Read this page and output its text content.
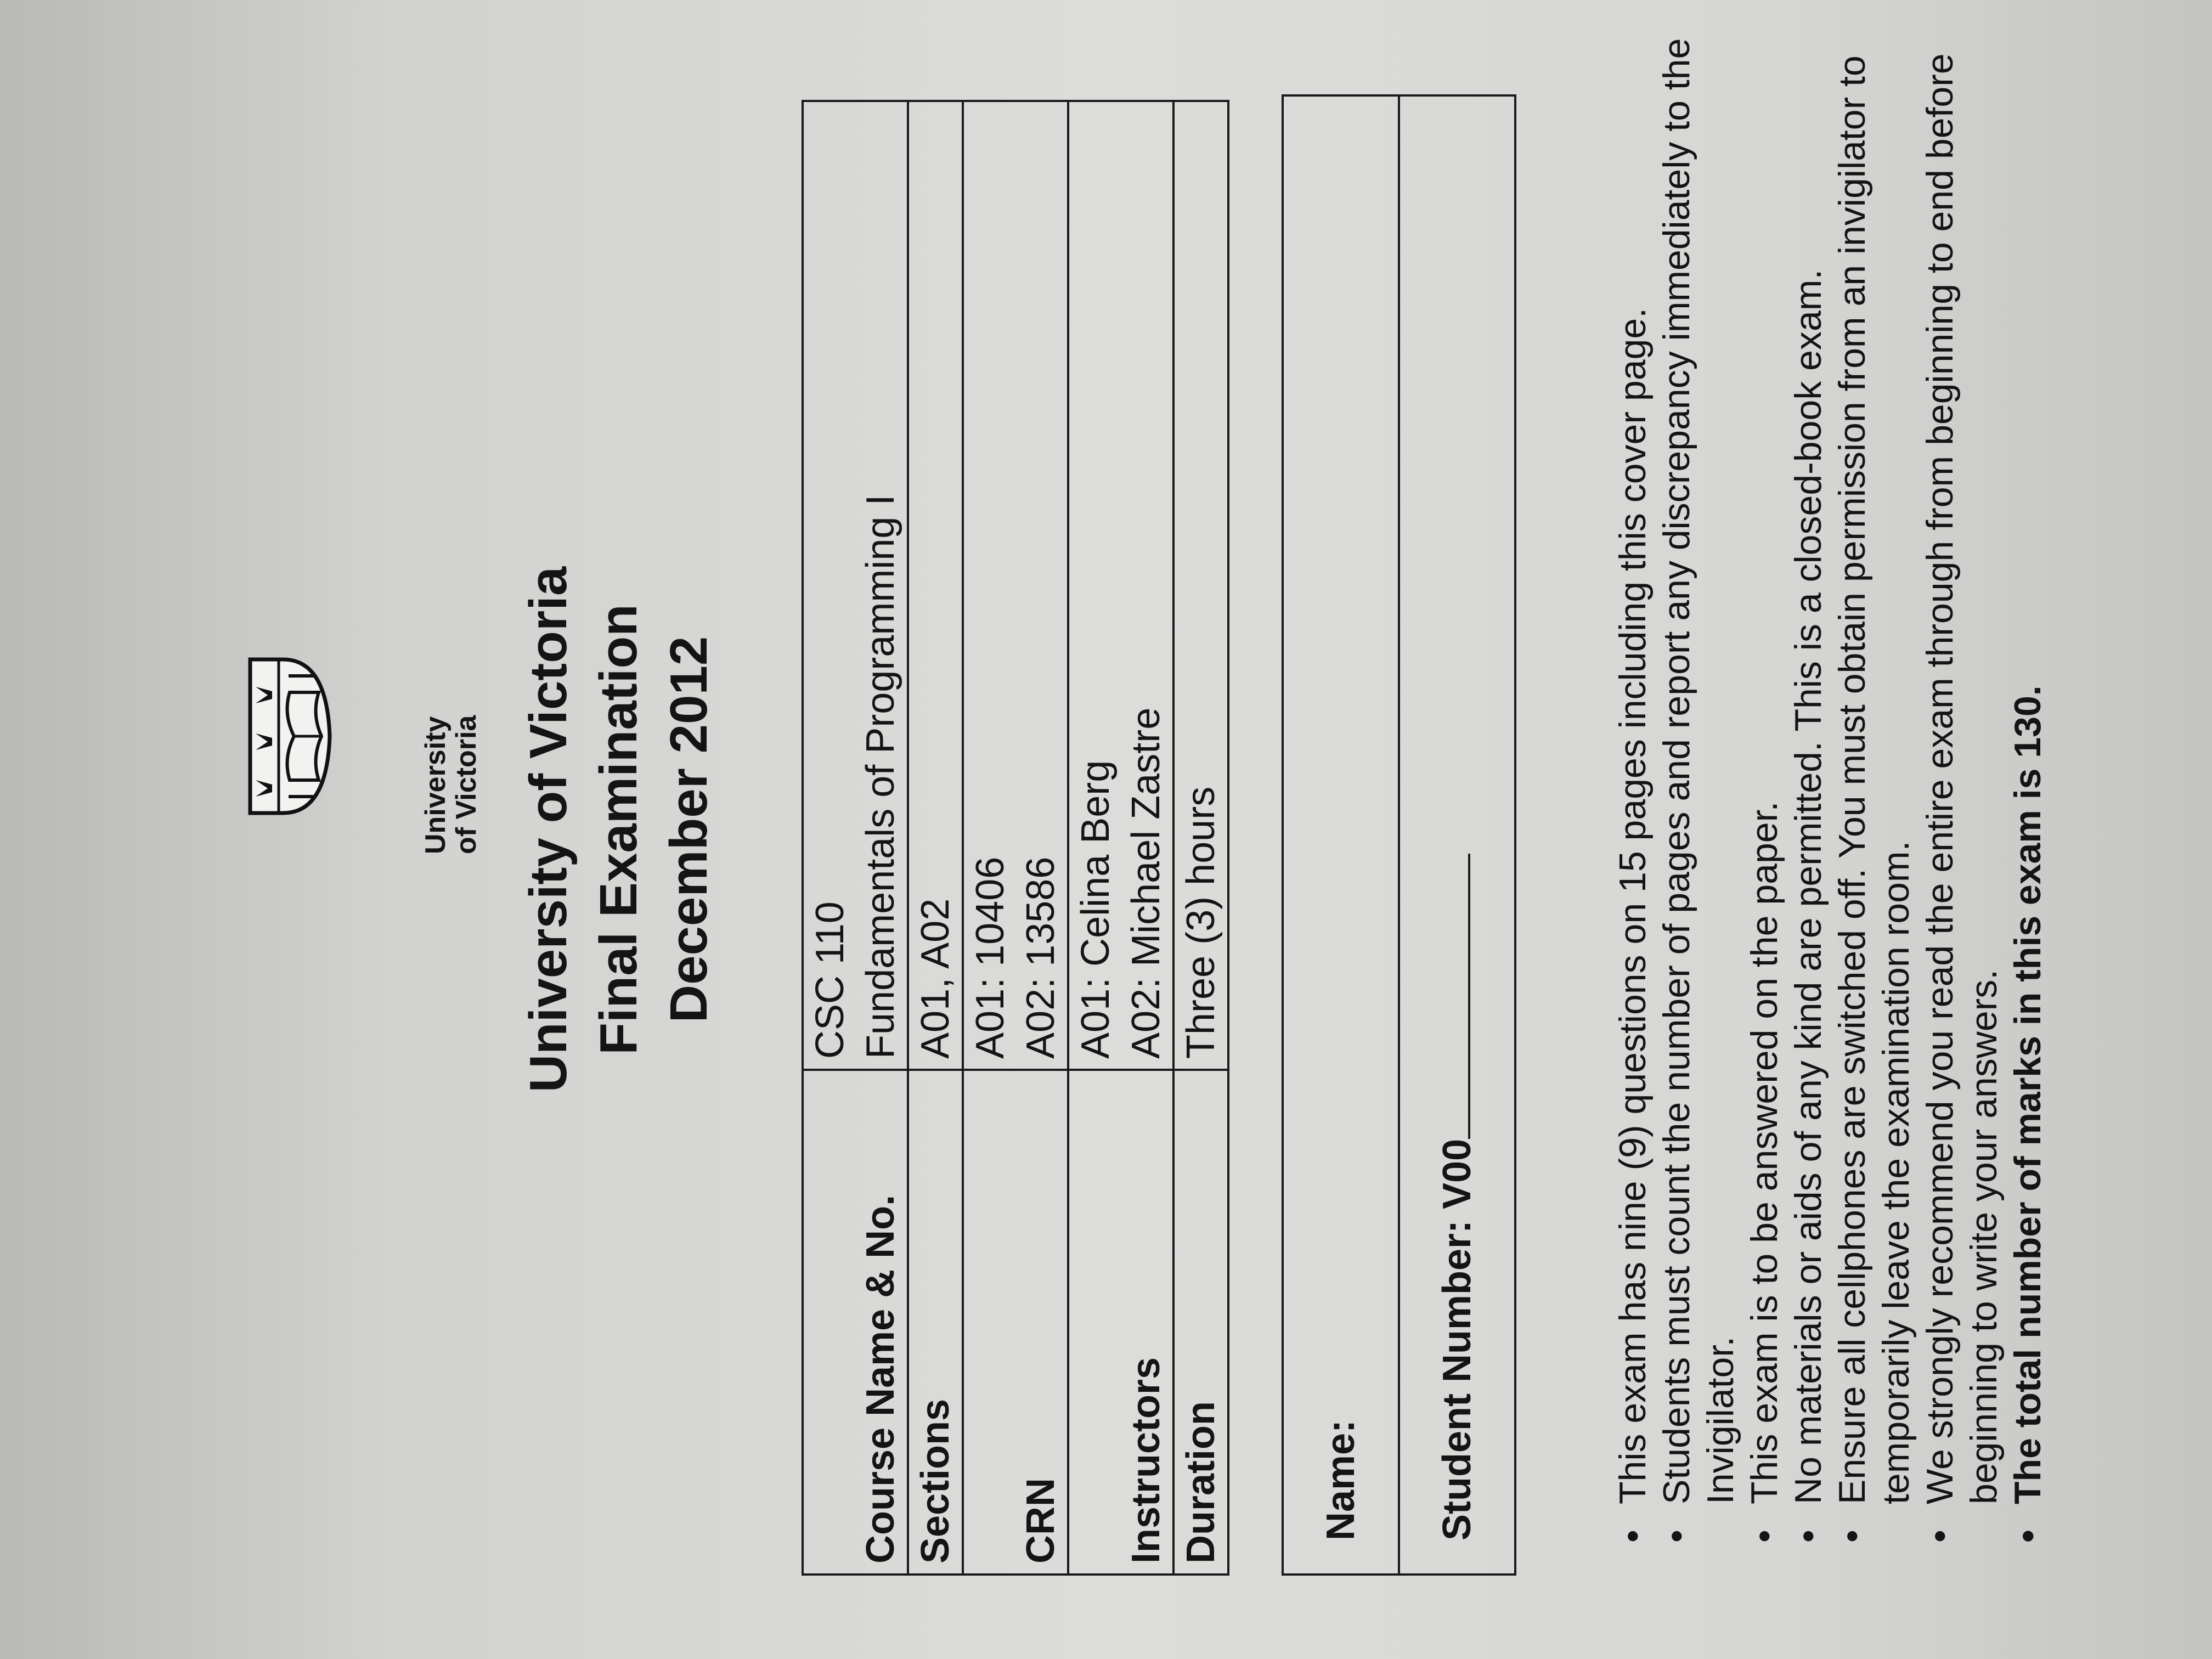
University
of Victoria University of Victoria Final Examination December 2012
Course Name & No.	CSC 110 Fundamentals of Programming I

Sections	A01, A02

CRN	A01: 10406 A02: 13586

Instructors	A01: Celina Berg A02: Michael Zastre

Duration	Three (3) hours
Name:
Student Number: V00	•
This exam has nine (9) questions on 15 pages including this cover page.
•
Students must count the number of pages and report any discrepancy immediately to the Invigilator.
•
This exam is to be answered on the paper.
•
No materials or aids of any kind are permitted. This is a closed-book exam.
•
Ensure all cellphones are switched off. You must obtain permission from an invigilator to temporarily leave the examination room.
•
We strongly recommend you read the entire exam through from beginning to end before beginning to write your answers.
•
The total number of marks in this exam is 130.
